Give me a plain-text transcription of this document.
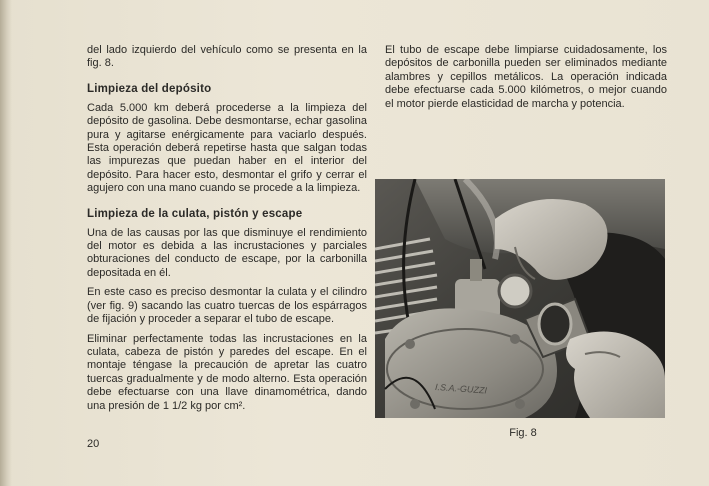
del lado izquierdo del vehículo como se presenta en la fig. 8.

Limpieza del depósito

Cada 5.000 km deberá procederse a la limpieza del depósito de gasolina. Debe desmontarse, echar gasolina pura y agitarse enérgicamente para vaciarlo después. Esta operación deberá repetirse hasta que salgan todas las impurezas que puedan haber en el interior del depósito. Para hacer esto, desmontar el grifo y cerrar el agujero con una mano cuando se procede a la limpieza.

Limpieza de la culata, pistón y escape

Una de las causas por las que disminuye el rendimiento del motor es debida a las incrustaciones y parciales obturaciones del conducto de escape, por la carbonilla depositada en él.

En este caso es preciso desmontar la culata y el cilindro (ver fig. 9) sacando las cuatro tuercas de los espárragos de fijación y proceder a separar el tubo de escape.

Eliminar perfectamente todas las incrustaciones en la culata, cabeza de pistón y paredes del escape. En el montaje téngase la precaución de apretar las cuatro tuercas gradualmente y de modo alterno. Esta operación debe efectuarse con una llave dinamométrica, dando una presión de 1 1/2 kg por cm².

El tubo de escape debe limpiarse cuidadosamente, los depósitos de carbonilla pueden ser eliminados mediante alambres y cepillos metálicos. La operación indicada debe efectuarse cada 5.000 kilómetros, o mejor cuando el motor pierde elasticidad de marcha y potencia.

I.S.A.-GUZZI
Fig. 8
20
